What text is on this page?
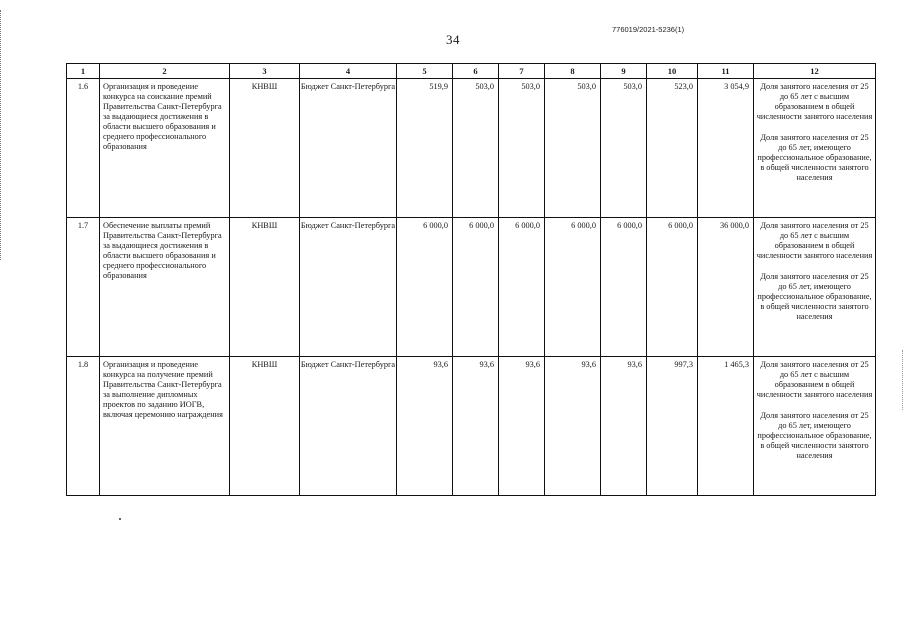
776019/2021-5236(1)
34
1	2	3	4	5	6	7	8	9	10	11	12
1.6	Организация и проведение конкурса на соискание премий Правительства Санкт-Петербурга за выдающиеся достижения в области высшего образования и среднего профессионального образования	КНВШ	Бюджет Санкт-Петербурга	519,9	503,0	503,0	503,0	503,0	523,0	3 054,9	Доля занятого населения от 25 до 65 лет с высшим образованием в общей численности занятого населения
Доля занятого населения от 25 до 65 лет, имеющего профессиональное образование, в общей численности занятого населения

1.7	Обеспечение выплаты премий Правительства Санкт-Петербурга за выдающиеся достижения в области высшего образования и среднего профессионального образования	КНВШ	Бюджет Санкт-Петербурга	6 000,0	6 000,0	6 000,0	6 000,0	6 000,0	6 000,0	36 000,0	Доля занятого населения от 25 до 65 лет с высшим образованием в общей численности занятого населения
Доля занятого населения от 25 до 65 лет, имеющего профессиональное образование, в общей численности занятого населения

1.8	Организация и проведение конкурса на получение премий Правительства Санкт-Петербурга за выполнение дипломных проектов по заданию ИОГВ, включая церемонию награждения	КНВШ	Бюджет Санкт-Петербурга	93,6	93,6	93,6	93,6	93,6	997,3	1 465,3	Доля занятого населения от 25 до 65 лет с высшим образованием в общей численности занятого населения
Доля занятого населения от 25 до 65 лет, имеющего профессиональное образование, в общей численности занятого населения
